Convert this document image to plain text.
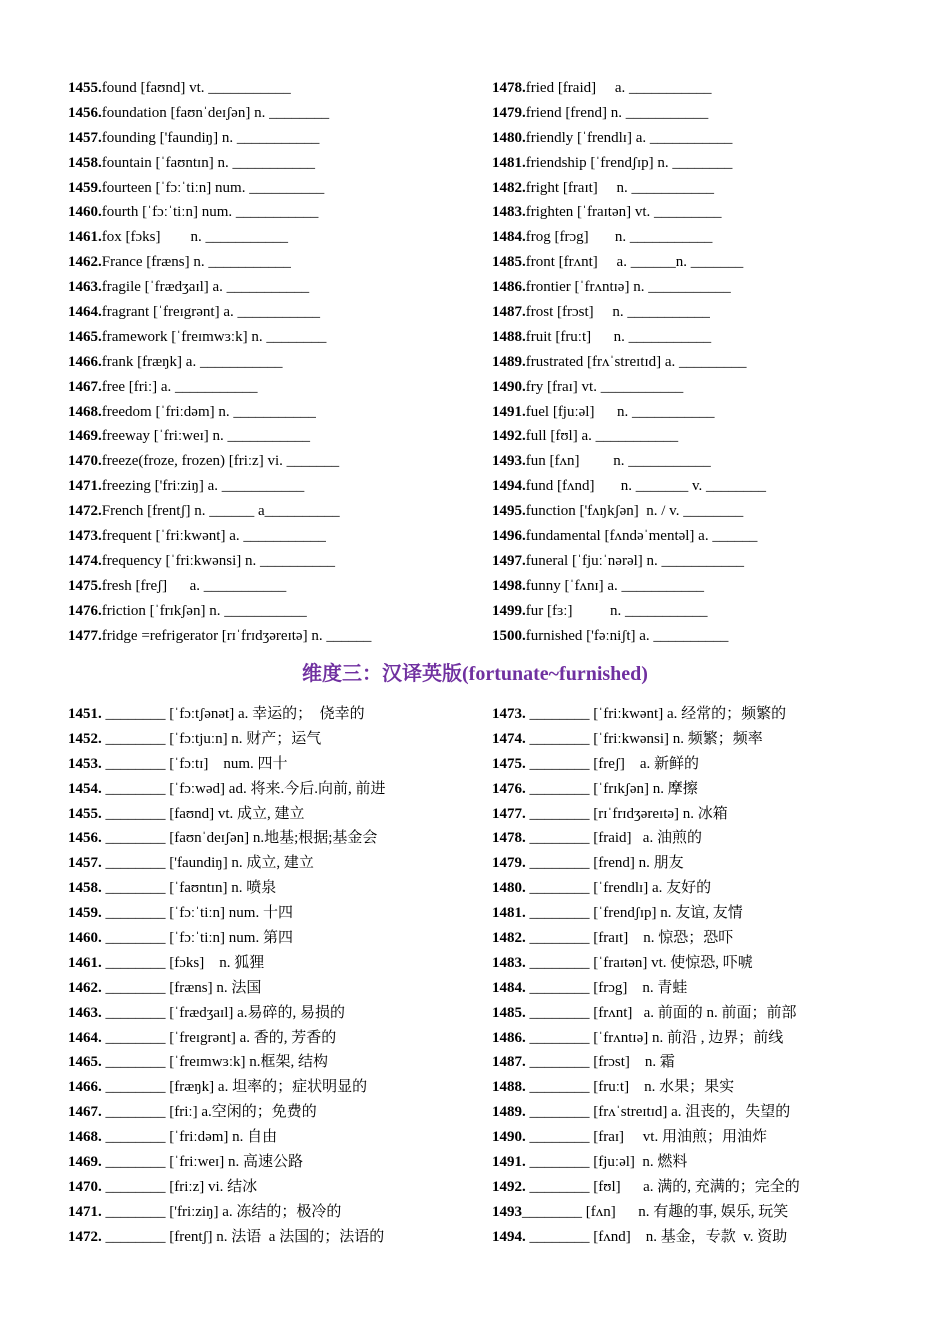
1455.found [faʊnd] vt. ___________
1456.foundation [faʊnˈdeɪʃən] n. ________
1457.founding ['faundiŋ] n. ___________
1458.fountain [ˈfaʊntɪn] n. ___________
1459.fourteen [ˈfɔːˈtiːn] num. __________
1460.fourth [ˈfɔːˈtiːn] num. ___________
1461.fox [fɔks]        n. ___________
1462.France [fræns] n. ___________
1463.fragile [ˈfrædʒaɪl] a. ___________
1464.fragrant [ˈfreɪgrənt] a. ___________
1465.framework [ˈfreɪmwɜːk] n. ________
1466.frank [fræŋk] a. ___________
1467.free [friː] a. ___________
1468.freedom [ˈfriːdəm] n. ___________
1469.freeway [ˈfriːweɪ] n. ___________
1470.freeze(froze, frozen) [friːz] vi. _______
1471.freezing ['friːziŋ] a. ___________
1472.French [frentʃ] n. ______ a__________
1473.frequent [ˈfriːkwənt] a. ___________
1474.frequency [ˈfriːkwənsi] n. __________
1475.fresh [freʃ]      a. ___________
1476.friction [ˈfrɪkʃən] n. ___________
1477.fridge =refrigerator [rɪˈfrɪdʒəreɪtə] n. ______
1478.fried [fraid]     a. ___________
1479.friend [frend] n. ___________
1480.friendly [ˈfrendlɪ] a. ___________
1481.friendship [ˈfrendʃɪp] n. ________
1482.fright [fraɪt]     n. ___________
1483.frighten [ˈfraɪtən] vt. _________
1484.frog [frɔg]       n. ___________
1485.front [frʌnt]     a. ______n. _______
1486.frontier [ˈfrʌntɪə] n. ___________
1487.frost [frɔst]     n. ___________
1488.fruit [fruːt]      n. ___________
1489.frustrated [frʌˈstreɪtɪd] a. _________
1490.fry [fraɪ] vt. ___________
1491.fuel [fjuːəl]      n. ___________
1492.full [fʊl] a. ___________
1493.fun [fʌn]         n. ___________
1494.fund [fʌnd]       n. _______ v. ________
1495.function ['fʌŋkʃən]  n. / v. ________
1496.fundamental [fʌndəˈmentəl] a. ______
1497.funeral [ˈfjuːˈnərəl] n. ___________
1498.funny [ˈfʌnɪ] a. ___________
1499.fur [fɜː]          n. ___________
1500.furnished ['fəːniʃt] a. __________
维度三：汉译英版(fortunate~furnished)
1451. ________ [ˈfɔːtʃənət] a. 幸运的；  侥幸的
1452. ________ [ˈfɔːtjuːn] n. 财产；运气
1453. ________ [ˈfɔːtɪ]    num. 四十
1454. ________ [ˈfɔːwəd] ad. 将来.今后.向前, 前进
1455. ________ [faʊnd] vt. 成立, 建立
1456. ________ [faʊnˈdeɪʃən] n.地基;根据;基金会
1457. ________ ['faundiŋ] n. 成立, 建立
1458. ________ [ˈfaʊntɪn] n. 喷泉
1459. ________ [ˈfɔːˈtiːn] num. 十四
1460. ________ [ˈfɔːˈtiːn] num. 第四
1461. ________ [fɔks]    n. 狐狸
1462. ________ [fræns] n. 法国
1463. ________ [ˈfrædʒaɪl] a.易碎的, 易损的
1464. ________ [ˈfreɪgrənt] a. 香的, 芳香的
1465. ________ [ˈfreɪmwɜːk] n.框架, 结构
1466. ________ [fræŋk] a. 坦率的；症状明显的
1467. ________ [friː] a.空闲的；免费的
1468. ________ [ˈfriːdəm] n. 自由
1469. ________ [ˈfriːweɪ] n. 高速公路
1470. ________ [friːz] vi. 结冰
1471. ________ ['friːziŋ] a. 冻结的；极冷的
1472. ________ [frentʃ] n. 法语  a 法国的；法语的
1473. ________ [ˈfriːkwənt] a. 经常的；频繁的
1474. ________ [ˈfriːkwənsi] n. 频繁；频率
1475. ________ [freʃ]    a. 新鲜的
1476. ________ [ˈfrɪkʃən] n. 摩擦
1477. ________ [rɪˈfrɪdʒəreɪtə] n. 冰箱
1478. ________ [fraid]   a. 油煎的
1479. ________ [frend] n. 朋友
1480. ________ [ˈfrendlɪ] a. 友好的
1481. ________ [ˈfrendʃɪp] n. 友谊, 友情
1482. ________ [fraɪt]    n. 惊恐；恐吓
1483. ________ [ˈfraɪtən] vt. 使惊恐, 吓唬
1484. ________ [frɔg]    n. 青蛙
1485. ________ [frʌnt]   a. 前面的 n. 前面；前部
1486. ________ [ˈfrʌntɪə] n. 前沿 , 边界；前线
1487. ________ [frɔst]    n. 霜
1488. ________ [fruːt]    n. 水果；果实
1489. ________ [frʌˈstreɪtɪd] a. 沮丧的，失望的
1490. ________ [fraɪ]     vt. 用油煎；用油炸
1491. ________ [fjuːəl]  n. 燃料
1492. ________ [fʊl]      a. 满的, 充满的；完全的
1493________ [fʌn]      n. 有趣的事, 娱乐, 玩笑
1494. ________ [fʌnd]    n. 基金，专款  v. 资助
